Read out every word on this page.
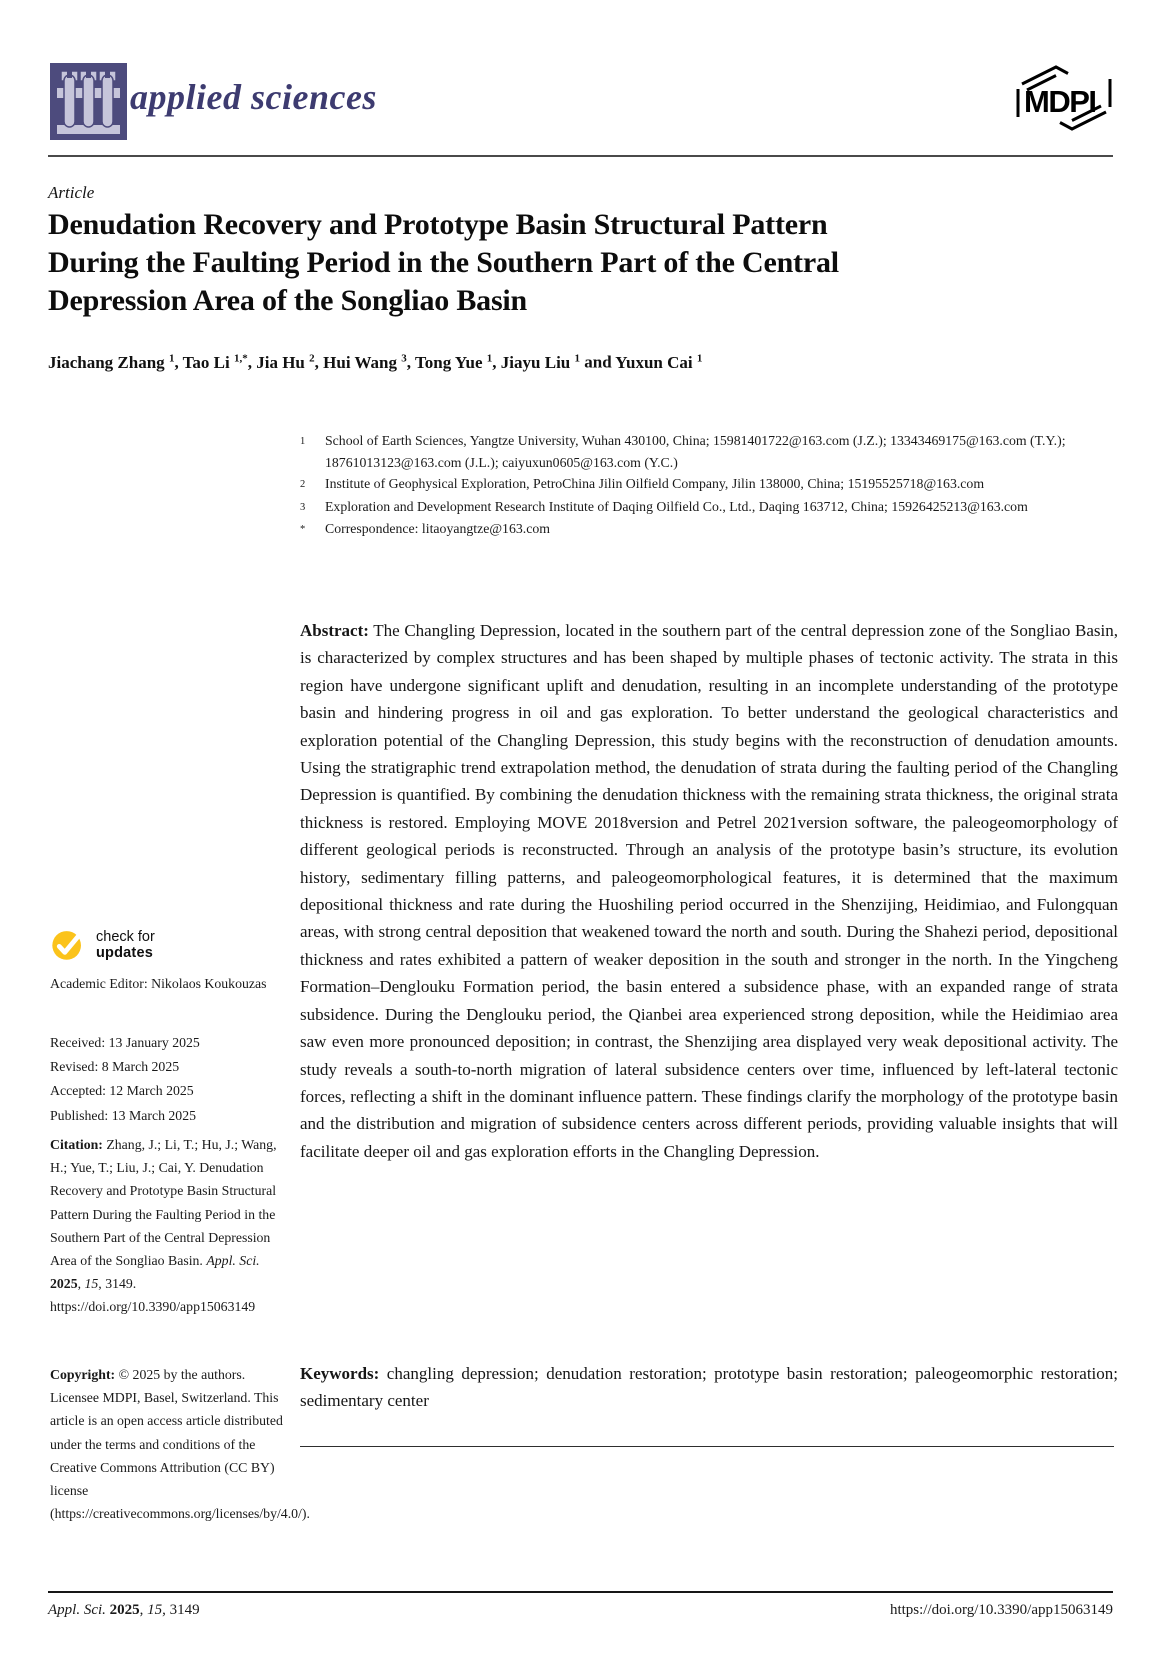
applied sciences	MDPI
Article
Denudation Recovery and Prototype Basin Structural Pattern
During the Faulting Period in the Southern Part of the Central
Depression Area of the Songliao Basin
Jiachang Zhang $^1$, Tao Li $^{1,*}$, Jia Hu $^2$, Hui Wang $^3$, Tong Yue $^1$, Jiayu Liu $^1$ and Yuxun Cai $^1$
1	School of Earth Sciences, Yangtze University, Wuhan 430100, China; 15981401722@163.com (J.Z.); 13343469175@163.com (T.Y.); 18761013123@163.com (J.L.); caiyuxun0605@163.com (Y.C.)
2	Institute of Geophysical Exploration, PetroChina Jilin Oilfield Company, Jilin 138000, China; 15195525718@163.com
3	Exploration and Development Research Institute of Daqing Oilfield Co., Ltd., Daqing 163712, China; 15926425213@163.com
*	Correspondence: litaoyangtze@163.com
Abstract: The Changling Depression, located in the southern part of the central depression zone of the Songliao Basin, is characterized by complex structures and has been shaped by multiple phases of tectonic activity. The strata in this region have undergone significant uplift and denudation, resulting in an incomplete understanding of the prototype basin and hindering progress in oil and gas exploration. To better understand the geological characteristics and exploration potential of the Changling Depression, this study begins with the reconstruction of denudation amounts. Using the stratigraphic trend extrapolation method, the denudation of strata during the faulting period of the Changling Depression is quantified. By combining the denudation thickness with the remaining strata thickness, the original strata thickness is restored. Employing MOVE 2018version and Petrel 2021version software, the paleogeomorphology of different geological periods is reconstructed. Through an analysis of the prototype basin’s structure, its evolution history, sedimentary filling patterns, and paleogeomorphological features, it is determined that the maximum depositional thickness and rate during the Huoshiling period occurred in the Shenzijing, Heidimiao, and Fulongquan areas, with strong central deposition that weakened toward the north and south. During the Shahezi period, depositional thickness and rates exhibited a pattern of weaker deposition in the south and stronger in the north. In the Yingcheng Formation–Denglouku Formation period, the basin entered a subsidence phase, with an expanded range of strata subsidence. During the Denglouku period, the Qianbei area experienced strong deposition, while the Heidimiao area saw even more pronounced deposition; in contrast, the Shenzijing area displayed very weak depositional activity. The study reveals a south-to-north migration of lateral subsidence centers over time, influenced by left-lateral tectonic forces, reflecting a shift in the dominant influence pattern. These findings clarify the morphology of the prototype basin and the distribution and migration of subsidence centers across different periods, providing valuable insights that will facilitate deeper oil and gas exploration efforts in the Changling Depression.
Keywords: changling depression; denudation restoration; prototype basin restoration; paleogeomorphic restoration; sedimentary center
check for
updates
Academic Editor: Nikolaos Koukouzas
Received: 13 January 2025
Revised: 8 March 2025
Accepted: 12 March 2025
Published: 13 March 2025
Citation: Zhang, J.; Li, T.; Hu, J.; Wang, H.; Yue, T.; Liu, J.; Cai, Y. Denudation Recovery and Prototype Basin Structural Pattern During the Faulting Period in the Southern Part of the Central Depression Area of the Songliao Basin. Appl. Sci. 2025, 15, 3149. https://doi.org/10.3390/app15063149
Copyright: © 2025 by the authors. Licensee MDPI, Basel, Switzerland. This article is an open access article distributed under the terms and conditions of the Creative Commons Attribution (CC BY) license (https://creativecommons.org/licenses/by/4.0/).
Appl. Sci. 2025, 15, 3149	https://doi.org/10.3390/app15063149
